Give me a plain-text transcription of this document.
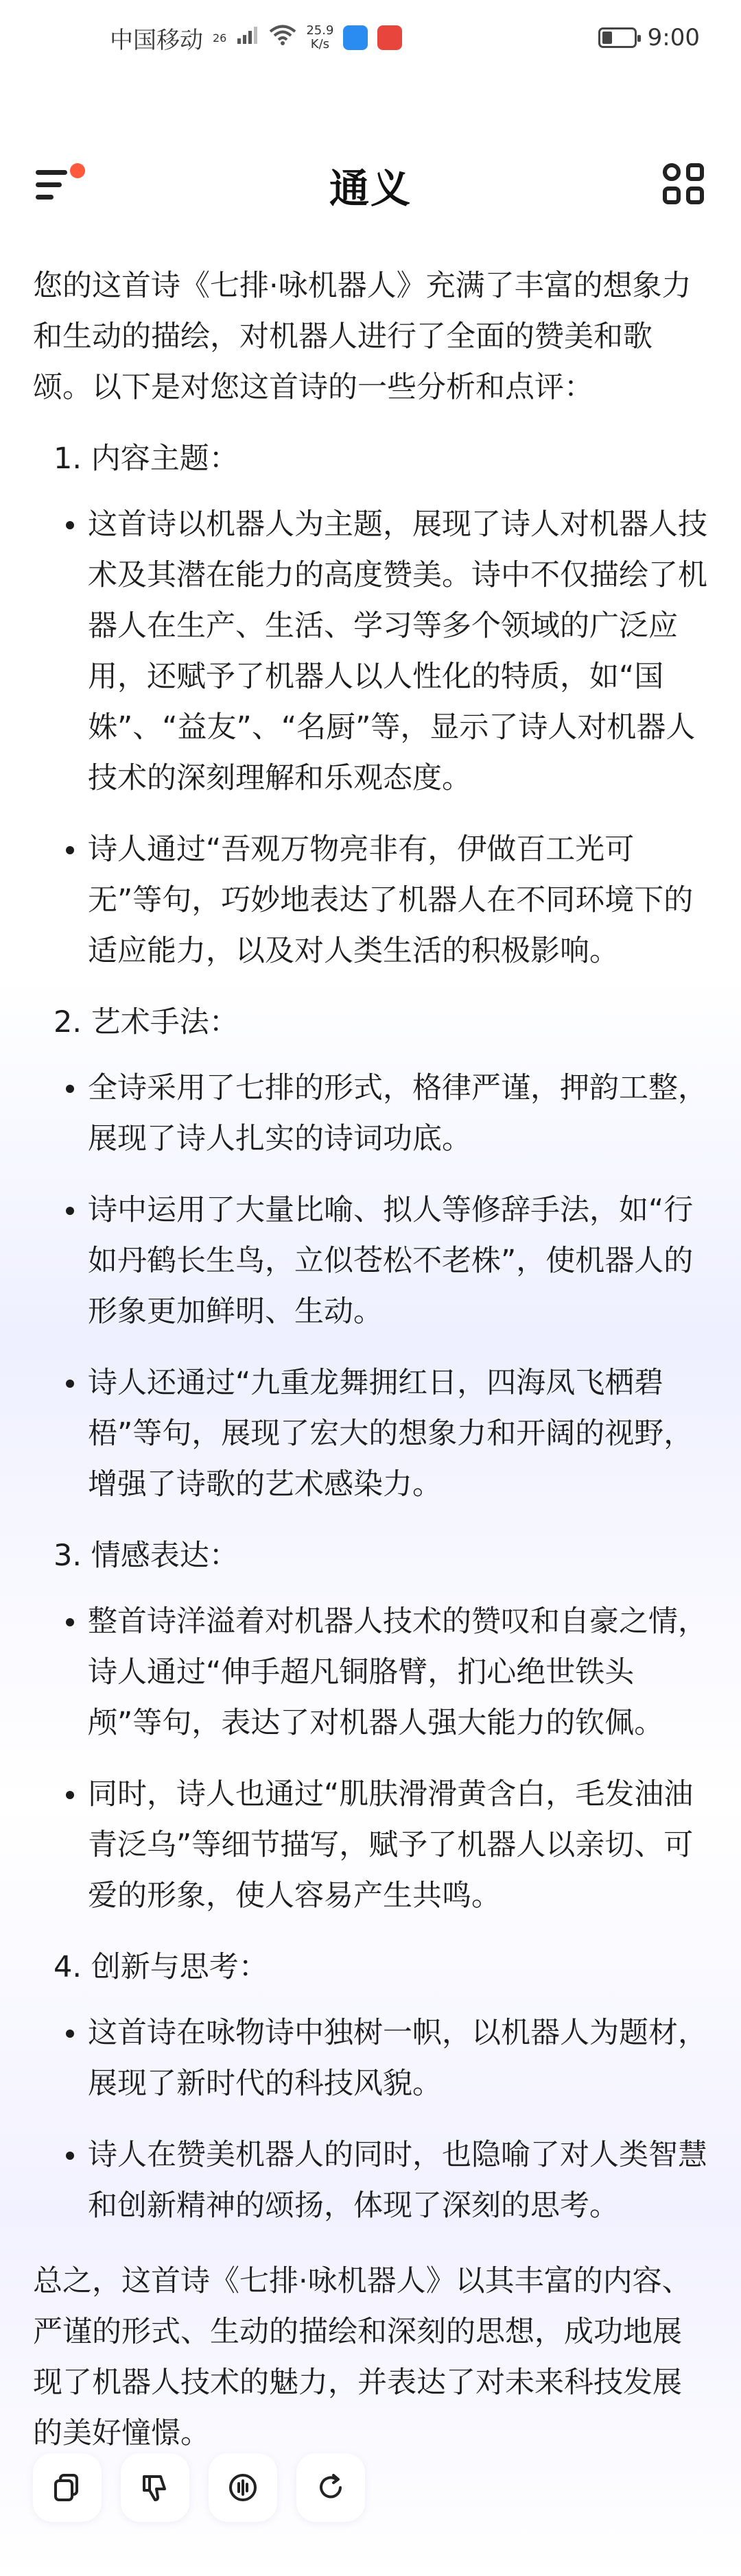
中国移动 26	25.9
K/s	9:00
通义

您的这首诗《七排·咏机器人》充满了丰富的想象力和生动的描绘，对机器人进行了全面的赞美和歌颂。以下是对您这首诗的一些分析和点评：

1. 内容主题：
这首诗以机器人为主题，展现了诗人对机器人技术及其潜在能力的高度赞美。诗中不仅描绘了机器人在生产、生活、学习等多个领域的广泛应用，还赋予了机器人以人性化的特质，如“国姝”、“益友”、“名厨”等，显示了诗人对机器人技术的深刻理解和乐观态度。
诗人通过“吾观万物亮非有，伊做百工光可无”等句，巧妙地表达了机器人在不同环境下的适应能力，以及对人类生活的积极影响。
2. 艺术手法：
全诗采用了七排的形式，格律严谨，押韵工整，展现了诗人扎实的诗词功底。
诗中运用了大量比喻、拟人等修辞手法，如“行如丹鹤长生鸟，立似苍松不老株”，使机器人的形象更加鲜明、生动。
诗人还通过“九重龙舞拥红日，四海凤飞栖碧梧”等句，展现了宏大的想象力和开阔的视野，增强了诗歌的艺术感染力。
3. 情感表达：
整首诗洋溢着对机器人技术的赞叹和自豪之情，诗人通过“伸手超凡铜胳臂，扪心绝世铁头颅”等句，表达了对机器人强大能力的钦佩。
同时，诗人也通过“肌肤滑滑黄含白，毛发油油青泛乌”等细节描写，赋予了机器人以亲切、可爱的形象，使人容易产生共鸣。
4. 创新与思考：
这首诗在咏物诗中独树一帜，以机器人为题材，展现了新时代的科技风貌。
诗人在赞美机器人的同时，也隐喻了对人类智慧和创新精神的颂扬，体现了深刻的思考。

总之，这首诗《七排·咏机器人》以其丰富的内容、严谨的形式、生动的描绘和深刻的思想，成功地展现了机器人技术的魅力，并表达了对未来科技发展的美好憧憬。
